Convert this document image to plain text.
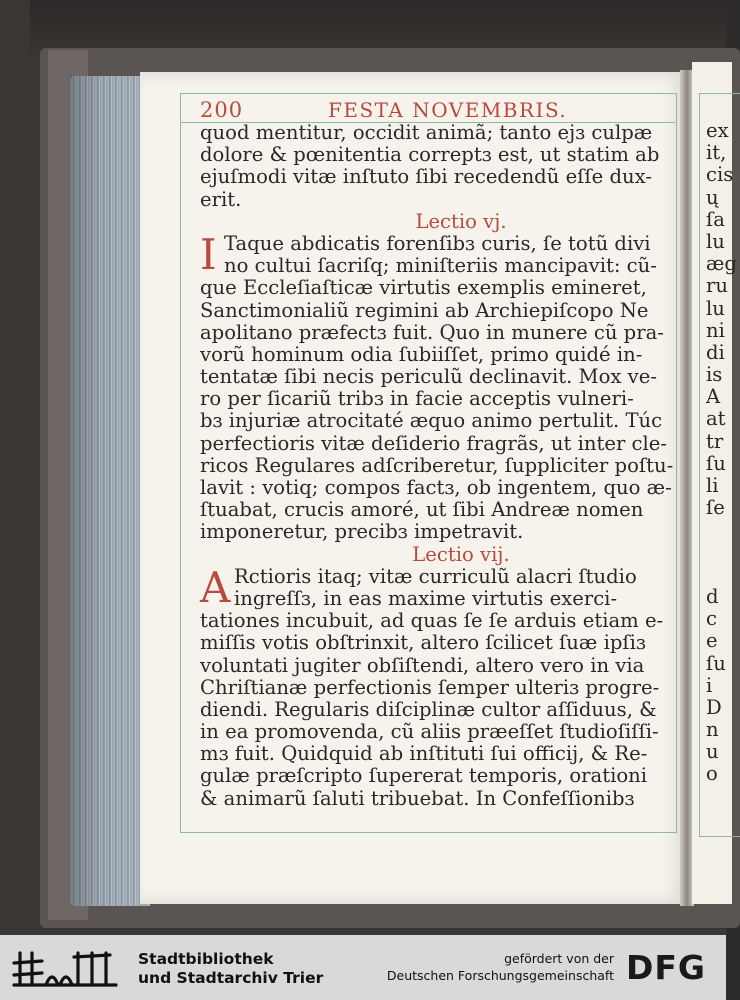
200	FESTA NOVEMBRIS.
quod mentitur, occidit animã; tanto ejɜ culpæ
dolore & pœnitentia correptɜ est, ut statim ab
ejuſmodi vitæ inſtuto ſibi recedendũ eſſe dux-
erit.
Lectio vj.
I Taque abdicatis forenſibɜ curis, ſe totũ divi
no cultui ſacriſq; miniſteriis mancipavit: cũ-
que Eccleſiaſticæ virtutis exemplis emineret,
Sanctimonialiũ regimini ab Archiepiſcopo Ne
apolitano præfectɜ fuit. Quo in munere cũ pra-
vorũ hominum odia ſubiiſſet, primo quidé in-
tentatæ ſibi necis periculũ declinavit. Mox ve-
ro per ſicariũ tribɜ in facie acceptis vulneri-
bɜ injuriæ atrocitaté æquo animo pertulit. Túc
perfectioris vitæ deſiderio fragrãs, ut inter cle-
ricos Regulares adſcriberetur, ſuppliciter poſtu-
lavit : votiq; compos factɜ, ob ingentem, quo æ-
ſtuabat, crucis amoré, ut ſibi Andreæ nomen
imponeretur, precibɜ impetravit.
Lectio vij.
A Rctioris itaq; vitæ curriculũ alacri ſtudio
ingreſſɜ, in eas maxime virtutis exerci-
tationes incubuit, ad quas ſe ſe arduis etiam e-
miſſis votis obſtrinxit, altero ſcilicet ſuæ ipſiɜ
voluntati jugiter obſiſtendi, altero vero in via
Chriſtianæ perfectionis ſemper ulteriɜ progre-
diendi. Regularis diſciplinæ cultor aſſiduus, &
in ea promovenda, cũ aliis præeſſet ſtudioſiſſi-
mɜ fuit. Quidquid ab inſtituti ſui officij, & Re-
gulæ præſcripto ſupererat temporis, orationi
& animarũ ſaluti tribuebat. In Confeſſionibɜ
ex
it,
cis
ų
ſa
lu
æg
ru
lu
ni
di
is
A
at
tr
ſu
li
ſe
d
c
e
ſu
i
D
n
u
o
Stadtbibliothek
und Stadtarchiv Trier
gefördert von der
Deutschen Forschungsgemeinschaft DFG
